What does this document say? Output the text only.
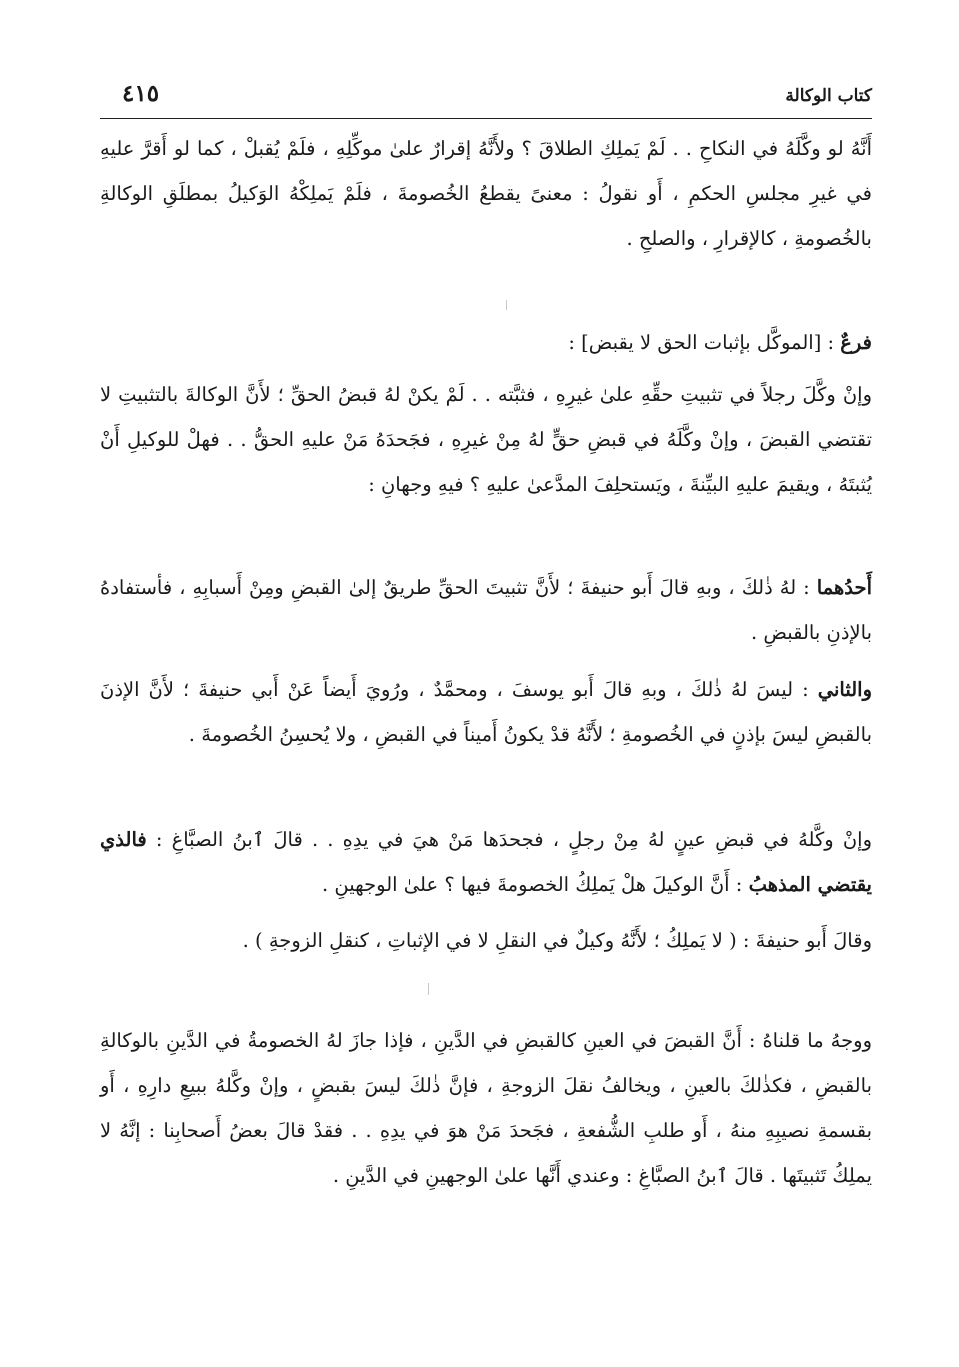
كتاب الوكالة
٤١٥

أَنَّهُ لو وكَّلَهُ في النكاحِ . . لَمْ يَملِكِ الطلاقَ ؟ ولأَنَّهُ إقرارٌ علىٰ موكِّلِهِ ، فلَمْ يُقبلْ ، كما لو أَقرَّ عليهِ في غيرِ مجلسِ الحكمِ ، أَو نقولُ : معنىً يقطعُ الخُصومةَ ، فلَمْ يَملِكْهُ الوَكيلُ بمطلَقِ الوكالةِ بالخُصومةِ ، كالإقرارِ ، والصلحِ .

فرعٌ : [الموكَّل بإثبات الحق لا يقبض] :

وإنْ وكَّلَ رجلاً في تثبيتِ حقِّهِ علىٰ غيرِهِ ، فثبَّته . . لَمْ يكنْ لهُ قبضُ الحقِّ ؛ لأَنَّ الوكالةَ بالتثبيتِ لا تقتضي القبضَ ، وإنْ وكَّلَهُ في قبضِ حقٍّ لهُ مِنْ غيرِهِ ، فجَحدَهُ مَنْ عليهِ الحقُّ . . فهلْ للوكيلِ أَنْ يُثبتَهُ ، ويقيمَ عليهِ البيِّنةَ ، ويَستحلِفَ المدَّعىٰ عليهِ ؟ فيهِ وجهانِ :

أَحدُهما : لهُ ذٰلكَ ، وبهِ قالَ أَبو حنيفةَ ؛ لأَنَّ تثبيتَ الحقِّ طريقٌ إلىٰ القبضِ ومِنْ أَسبابِهِ ، فأستفادهُ بالإذنِ بالقبضِ .

والثاني : ليسَ لهُ ذٰلكَ ، وبهِ قالَ أَبو يوسفَ ، ومحمَّدٌ ، ورُويَ أَيضاً عَنْ أَبي حنيفةَ ؛ لأَنَّ الإذنَ بالقبضِ ليسَ بإذنٍ في الخُصومةِ ؛ لأَنَّهُ قدْ يكونُ أَميناً في القبضِ ، ولا يُحسِنُ الخُصومةَ .

وإنْ وكَّلهُ في قبضِ عينٍ لهُ مِنْ رجلٍ ، فجحدَها مَنْ هيَ في يدِهِ . . قالَ ٱبنُ الصبَّاغِ : فالذي يقتضي المذهبُ : أَنَّ الوكيلَ هلْ يَملِكُ الخصومةَ فيها ؟ علىٰ الوجهينِ .

وقالَ أَبو حنيفةَ : ( لا يَملِكُ ؛ لأَنَّهُ وكيلٌ في النقلِ لا في الإثباتِ ، كنقلِ الزوجةِ ) .

ووجهُ ما قلناهُ : أَنَّ القبضَ في العينِ كالقبضِ في الدَّينِ ، فإذا جازَ لهُ الخصومةُ في الدَّينِ بالوكالةِ بالقبضِ ، فكذٰلكَ بالعينِ ، ويخالفُ نقلَ الزوجةِ ، فإنَّ ذٰلكَ ليسَ بقبضٍ ، وإنْ وكَّلهُ ببيعِ دارِهِ ، أَو بقسمةِ نصيبِهِ منهُ ، أَو طلبِ الشُّفعةِ ، فجَحدَ مَنْ هوَ في يدِهِ . . فقدْ قالَ بعضُ أَصحابِنا : إنَّهُ لا يملِكُ تَثبيتَها . قالَ ٱبنُ الصبَّاغِ : وعندي أَنَّها علىٰ الوجهينِ في الدَّينِ .
